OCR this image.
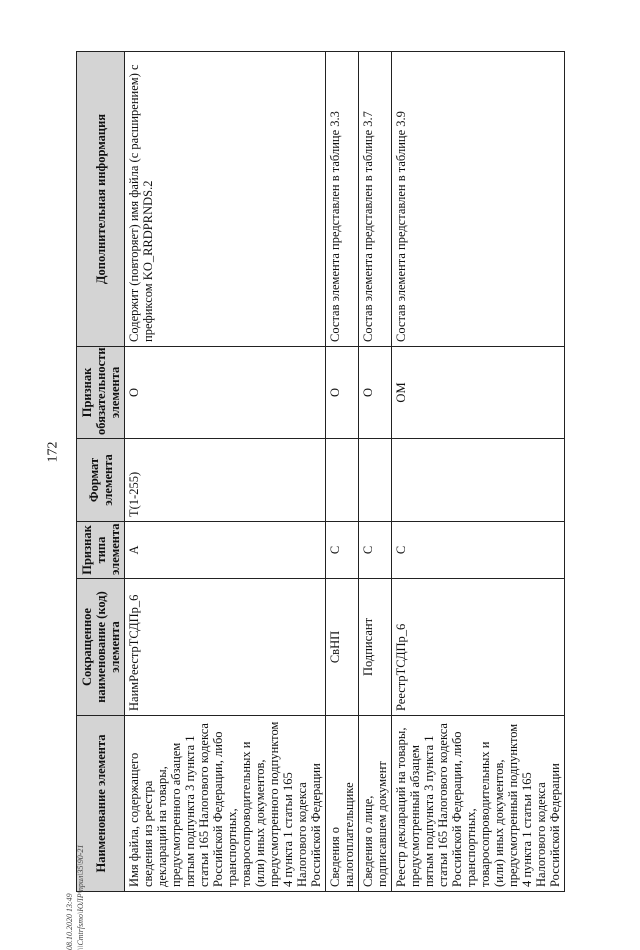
172
Наименование элемента	Сокращенное наименование (код) элемента	Признак типа элемента	Формат элемента	Признак обязательности элемента	Дополнительная информация
Имя файла, содержащего сведения из реестра деклараций на товары, предусмотренного абзацем пятым подпункта 3 пункта 1 статьи 165 Налогового кодекса Российской Федерации, либо транспортных, товаросопроводительных и (или) иных документов, предусмотренного подпунктом 4 пункта 1 статьи 165 Налогового кодекса Российской Федерации	НаимРеестрТСДПр_6	А	T(1-255)	О	Содержит (повторяет) имя файла (с расширением) с префиксом KO_RRDPRNDS.2
Сведения о налогоплательщике	СвНП	С		О	Состав элемента представлен в таблице 3.3
Сведения о лице, подписавшем документ	Подписант	С		О	Состав элемента представлен в таблице 3.7
Реестр деклараций на товары, предусмотренный абзацем пятым подпункта 3 пункта 1 статьи 165 Налогового кодекса Российской Федерации, либо транспортных, товаросопроводительных и (или) иных документов, предусмотренный подпунктом 4 пункта 1 статьи 165 Налогового кодекса Российской Федерации	РеестрТСДПр_6	С		ОМ	Состав элемента представлен в таблице 3.9
08.10.2020 13:49 \\Cmtrfsmo\ЮЛР\прил\35\90-21
